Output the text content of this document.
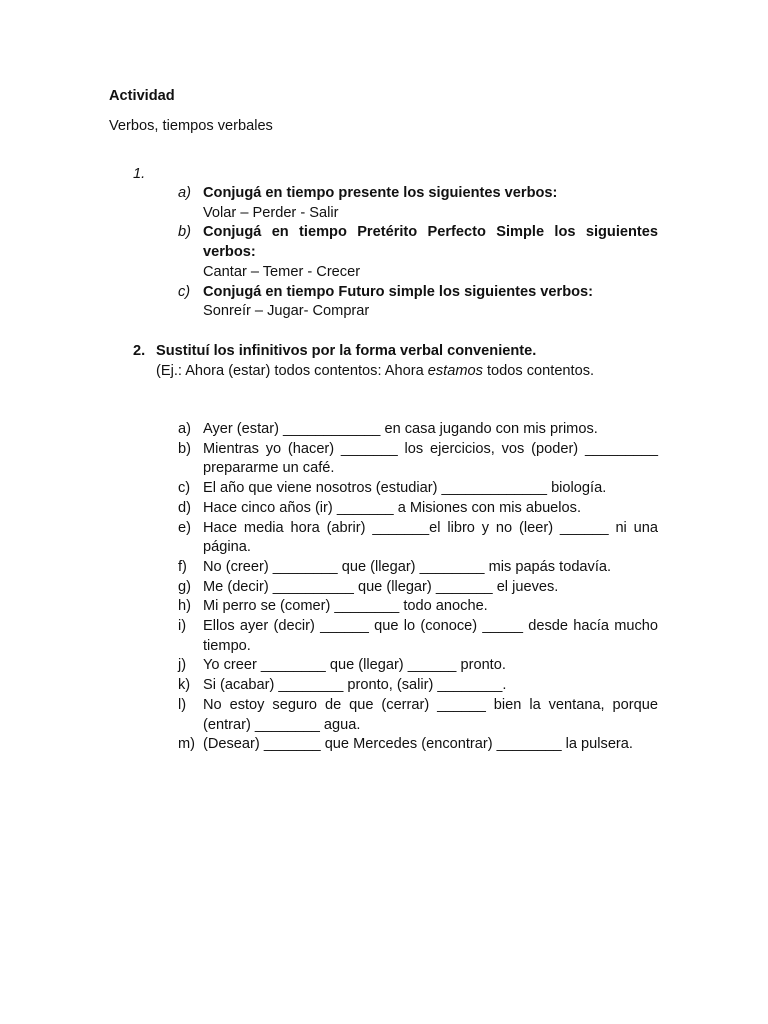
Actividad
Verbos, tiempos verbales
1.
a) Conjugá en tiempo presente los siguientes verbos:
Volar – Perder - Salir
b) Conjugá en tiempo Pretérito Perfecto Simple los siguientes verbos:
Cantar – Temer - Crecer
c) Conjugá en tiempo Futuro simple los siguientes verbos:
Sonreír – Jugar- Comprar
2. Sustituí los infinitivos por la forma verbal conveniente.
(Ej.: Ahora (estar) todos contentos: Ahora estamos todos contentos.
a) Ayer (estar) ____________ en casa jugando con mis primos.
b) Mientras yo (hacer) _______ los ejercicios, vos (poder) _________ prepararme un café.
c) El año que viene nosotros (estudiar) _____________ biología.
d) Hace cinco años (ir) _______ a Misiones con mis abuelos.
e) Hace media hora (abrir) _______el libro y no (leer) ______ ni una página.
f)	No (creer) ________ que (llegar) ________ mis papás todavía.
g) Me (decir) __________ que (llegar) _______ el jueves.
h) Mi perro se (comer) ________ todo anoche.
i)	Ellos ayer (decir) ______ que lo (conoce) _____ desde hacía mucho tiempo.
j)	Yo creer ________ que (llegar) ______ pronto.
k) Si (acabar) ________ pronto, (salir) ________.
l)	No estoy seguro de que (cerrar) ______ bien la ventana, porque (entrar) ________ agua.
m) (Desear) _______ que Mercedes (encontrar) ________ la pulsera.
